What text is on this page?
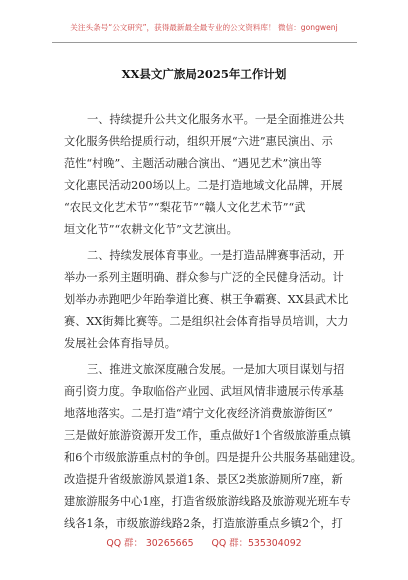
关注头条号“公文研究”，获得最新最全最专业的公文资料库！ 微信：gongwenj
XX县文广旅局2025年工作计划
一、持续提升公共文化服务水平。一是全面推进公共
文化服务供给提质行动，组织开展“六进”惠民演出、示
范性“村晚”、主题活动融合演出、“遇见艺术”演出等
文化惠民活动200场以上。二是打造地域文化品牌，开展
“农民文化艺术节”“梨花节”“赣人文化艺术节”“武
垣文化节”“农耕文化节”文艺演出。
二、持续发展体育事业。一是打造品牌赛事活动，开
举办一系列主题明确、群众参与广泛的全民健身活动。计
划举办赤跑吧少年跆拳道比赛、棋王争霸赛、XX县武术比
赛、XX街舞比赛等。二是组织社会体育指导员培训，大力
发展社会体育指导员。
三、推进文旅深度融合发展。一是加大项目谋划与招
商引资力度。争取临俗产业园、武垣风情非遗展示传承基
地落地落实。二是打造“靖宁文化夜经济消费旅游街区”
三是做好旅游资源开发工作，重点做好1个省级旅游重点镇
和6个市级旅游重点村的争创。四是提升公共服务基础建设。
改造提升省级旅游风景道1条、景区2类旅游厕所7座，新
建旅游服务中心1座，打造省级旅游线路及旅游观光班车专
线各1条，市级旅游线路2条，打造旅游重点乡镇2个，打
QQ 群： 30265665 QQ 群：535304092
